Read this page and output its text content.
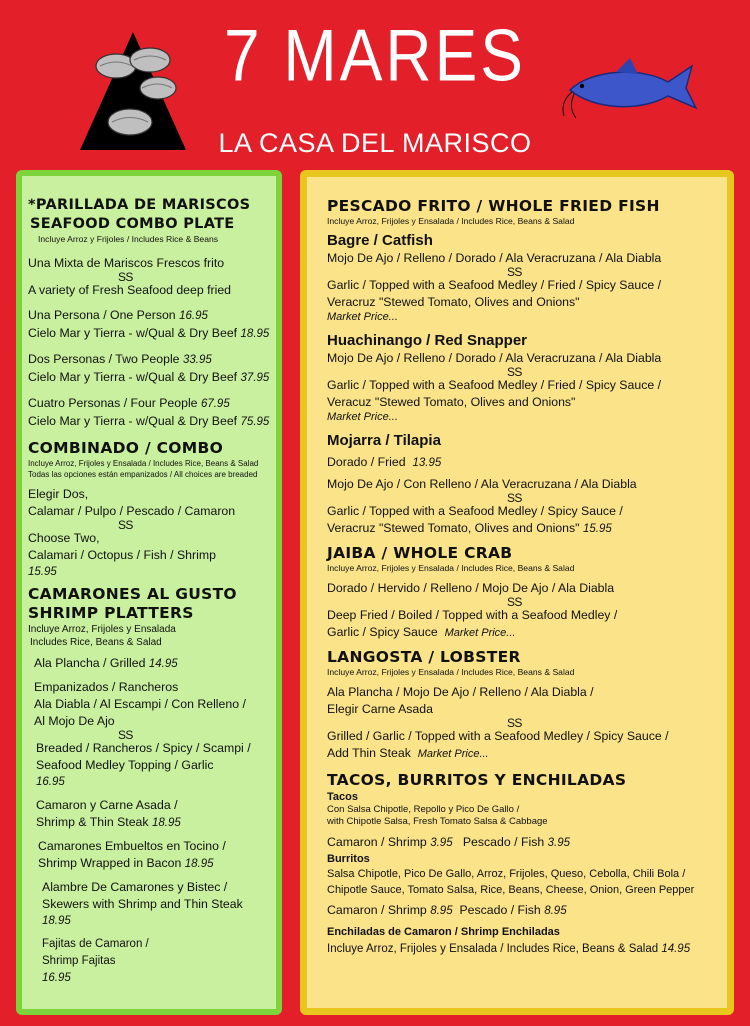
7 MARES
LA CASA DEL MARISCO
*PARILLADA DE MARISCOS
SEAFOOD COMBO PLATE
Incluye Arroz y Frijoles / Includes Rice & Beans
Una Mixta de Mariscos Frescos frito
S S
A variety of Fresh Seafood deep fried
Una Persona / One Person 16.95
Cielo Mar y Tierra - w/Qual & Dry Beef 18.95
Dos Personas / Two People 33.95
Cielo Mar y Tierra - w/Qual & Dry Beef 37.95
Cuatro Personas / Four People 67.95
Cielo Mar y Tierra - w/Qual & Dry Beef 75.95
COMBINADO / COMBO
Incluye Arroz, Frijoles y Ensalada / Includes Rice, Beans & Salad
Todas las opciones están empanizados / All choices are breaded
Elegir Dos,
Calamar / Pulpo / Pescado / Camaron
S S
Choose Two,
Calamari / Octopus / Fish / Shrimp
15.95
CAMARONES AL GUSTO
SHRIMP PLATTERS
Incluye Arroz, Frijoles y Ensalada
Includes Rice, Beans & Salad
Ala Plancha / Grilled 14.95
Empanizados / Rancheros
Ala Diabla / Al Escampi / Con Relleno /
Al Mojo De Ajo
S S
Breaded / Rancheros / Spicy / Scampi /
Seafood Medley Topping / Garlic
16.95
Camaron y Carne Asada /
Shrimp & Thin Steak 18.95
Camarones Embueltos en Tocino /
Shrimp Wrapped in Bacon 18.95
Alambre De Camarones y Bistec /
Skewers with Shrimp and Thin Steak
18.95
Fajitas de Camaron /
Shrimp Fajitas
16.95
PESCADO FRITO / WHOLE FRIED FISH
Incluye Arroz, Frijoles y Ensalada / Includes Rice, Beans & Salad
Bagre / Catfish
Mojo De Ajo / Relleno / Dorado / Ala Veracruzana / Ala Diabla
S S
Garlic / Topped with a Seafood Medley / Fried / Spicy Sauce /
Veracruz "Stewed Tomato, Olives and Onions"
Market Price...
Huachinango / Red Snapper
Mojo De Ajo / Relleno / Dorado / Ala Veracruzana / Ala Diabla
S S
Garlic / Topped with a Seafood Medley / Fried / Spicy Sauce /
Veracuz "Stewed Tomato, Olives and Onions"
Market Price...
Mojarra / Tilapia
Dorado / Fried 13.95
Mojo De Ajo / Con Relleno / Ala Veracruzana / Ala Diabla
S S
Garlic / Topped with a Seafood Medley / Spicy Sauce /
Veracruz "Stewed Tomato, Olives and Onions" 15.95
JAIBA / WHOLE CRAB
Incluye Arroz, Frijoles y Ensalada / Includes Rice, Beans & Salad
Dorado / Hervido / Relleno / Mojo De Ajo / Ala Diabla
S S
Deep Fried / Boiled / Topped with a Seafood Medley /
Garlic / Spicy Sauce Market Price...
LANGOSTA / LOBSTER
Incluye Arroz, Frijoles y Ensalada / Includes Rice, Beans & Salad
Ala Plancha / Mojo De Ajo / Relleno / Ala Diabla /
Elegir Carne Asada
S S
Grilled / Garlic / Topped with a Seafood Medley / Spicy Sauce /
Add Thin Steak Market Price...
TACOS, BURRITOS Y ENCHILADAS
Tacos
Con Salsa Chipotle, Repollo y Pico De Gallo /
with Chipotle Salsa, Fresh Tomato Salsa & Cabbage
Camaron / Shrimp 3.95 Pescado / Fish 3.95
Burritos
Salsa Chipotle, Pico De Gallo, Arroz, Frijoles, Queso, Cebolla, Chili Bola /
Chipotle Sauce, Tomato Salsa, Rice, Beans, Cheese, Onion, Green Pepper
Camaron / Shrimp 8.95 Pescado / Fish 8.95
Enchiladas de Camaron / Shrimp Enchiladas
Incluye Arroz, Frijoles y Ensalada / Includes Rice, Beans & Salad 14.95
